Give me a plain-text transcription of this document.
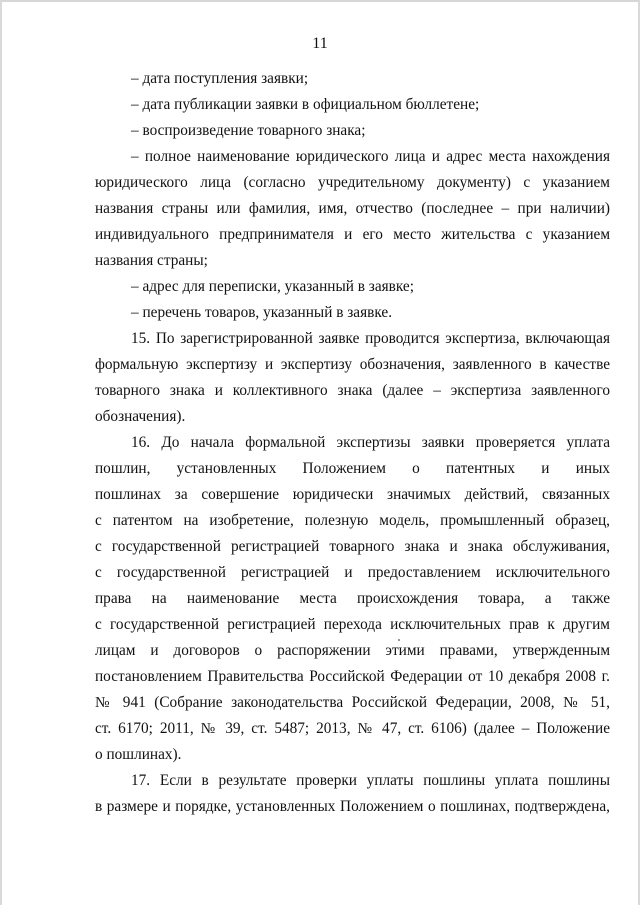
11
– дата поступления заявки;
– дата публикации заявки в официальном бюллетене;
– воспроизведение товарного знака;
– полное наименование юридического лица и адрес места нахождения
юридического лица (согласно учредительному документу) с указанием
названия страны или фамилия, имя, отчество (последнее – при наличии)
индивидуального предпринимателя и его место жительства с указанием
названия страны;
– адрес для переписки, указанный в заявке;
– перечень товаров, указанный в заявке.
15. По зарегистрированной заявке проводится экспертиза, включающая
формальную экспертизу и экспертизу обозначения, заявленного в качестве
товарного знака и коллективного знака (далее – экспертиза заявленного
обозначения).
16. До начала формальной экспертизы заявки проверяется уплата
пошлин, установленных Положением о патентных и иных
пошлинах за совершение юридически значимых действий, связанных
с патентом на изобретение, полезную модель, промышленный образец,
с государственной регистрацией товарного знака и знака обслуживания,
с государственной регистрацией и предоставлением исключительного
права на наименование места происхождения товара, а также
с государственной регистрацией перехода исключительных прав к другим
лицам и договоров о распоряжении этими правами, утвержденным
постановлением Правительства Российской Федерации от 10 декабря 2008 г.
№ 941 (Собрание законодательства Российской Федерации, 2008, № 51,
ст. 6170; 2011, № 39, ст. 5487; 2013, № 47, ст. 6106) (далее – Положение
о пошлинах).
17. Если в результате проверки уплаты пошлины уплата пошлины
в размере и порядке, установленных Положением о пошлинах, подтверждена,
